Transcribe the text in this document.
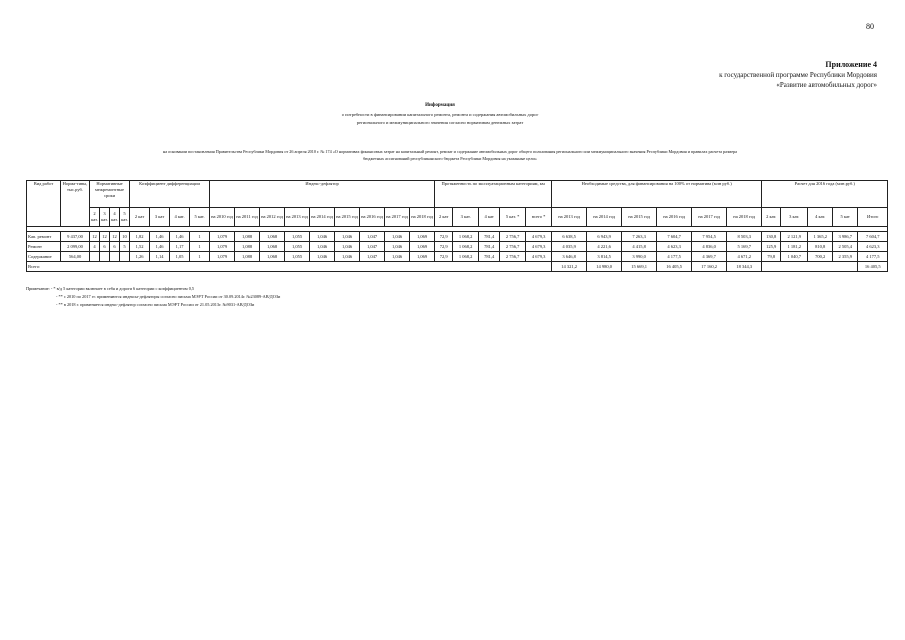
80
Приложение 4
к государственной программе Республики Мордовия
«Развитие автомобильных дорог»
Информация
о потребности в финансировании капитального ремонта, ремонта и содержания автомобильных дорог
регионального и межмуниципального значения согласно нормативам денежных затрат
на основании постановления Правительства Республики Мордовия от 26 апреля 2010 г. № 174 «О нормативах финансовых затрат на капитальный ремонт, ремонт и содержание автомобильных дорог общего пользования регионального или межмуниципального значения Республики Мордовия и правилах расчета размера
бюджетных ассигнований республиканского бюджета Республики Мордовия на указанные цели»
Вид работ	Норма-тивы, тыс.руб.	Нормативные межремонтные сроки				Коэффициент дифференциации				Индекс-дефлятор									Протяженность по эксплуатационным категориям, км					Необходимые средства, для финансирования на 100% от норматива (млн руб.)						Расчет для 2016 года (млн.руб.)				
		2 кат.	3 кат.	4 кат.	5 кат.	2 кат	3 кат	4 кат.	5 кат.	на 2010 год	на 2011 год	на 2012 год	на 2013 год	на 2014 год	на 2015 год	на 2016 год	на 2017 год	на 2018 год	2 кат	3 кат.	4 кат	5 кат. *	всего *	на 2013 год	на 2014 год	на 2015 год	на 2016 год	на 2017 год	на 2018 год	2 кат.	3 кат.	4 кат.	5 кат	Итого

Кап. ремонт	9 437,00	12	12	12	10	1,82	1,46	1,46	1	1,079	1,088	1,068	1,055	1,046	1,046	1,047	1,046	1,069	72,9	1 068,2	781,4	2 756,7	4 679,3	6 638,5	6 943,9	7 263,3	7 604,7	7 954,5	8 503,3	130,8	2 121,9	1 365,2	3 986,7	7 604,7
Ремонт	2 099,00	4	6	6	5	1,52	1,46	1,17	1	1,079	1,088	1,068	1,055	1,046	1,046	1,047	1,046	1,069	72,9	1 068,2	781,4	2 756,7	4 679,3	4 035,9	4 221,6	4 415,8	4 623,3	4 836,0	5 169,7	125,9	1 181,2	810,8	2 505,4	4 623,3
Содержание	564,00					1,26	1,14	1,05	1	1,079	1,088	1,068	1,055	1,046	1,046	1,047	1,046	1,069	72,9	1 068,2	781,4	2 756,7	4 679,3	3 646,8	3 814,5	3 990,0	4 177,5	4 369,7	4 671,2	79,8	1 040,7	700,2	2 355,9	4 177,5
Всего:																								14 321,2	14 980,0	15 669,1	16 405,5	17 160,2	18 344,3					16 405,5
Примечание: - * в/д 5 категории включает в себя и дороги 6 категории с коэффициентом 0,5
- ** с 2010 по 2017 гг. применяются индексы-дефляторы согласно письма МЭРТ России от 30.09.2014г. №23089-АВ/ДОЗи
- ** в 2018 г. применяется индекс-дефлятор согласно письма МЭРТ России от 21.05.2013г. №9031-АВ/ДОЗи
